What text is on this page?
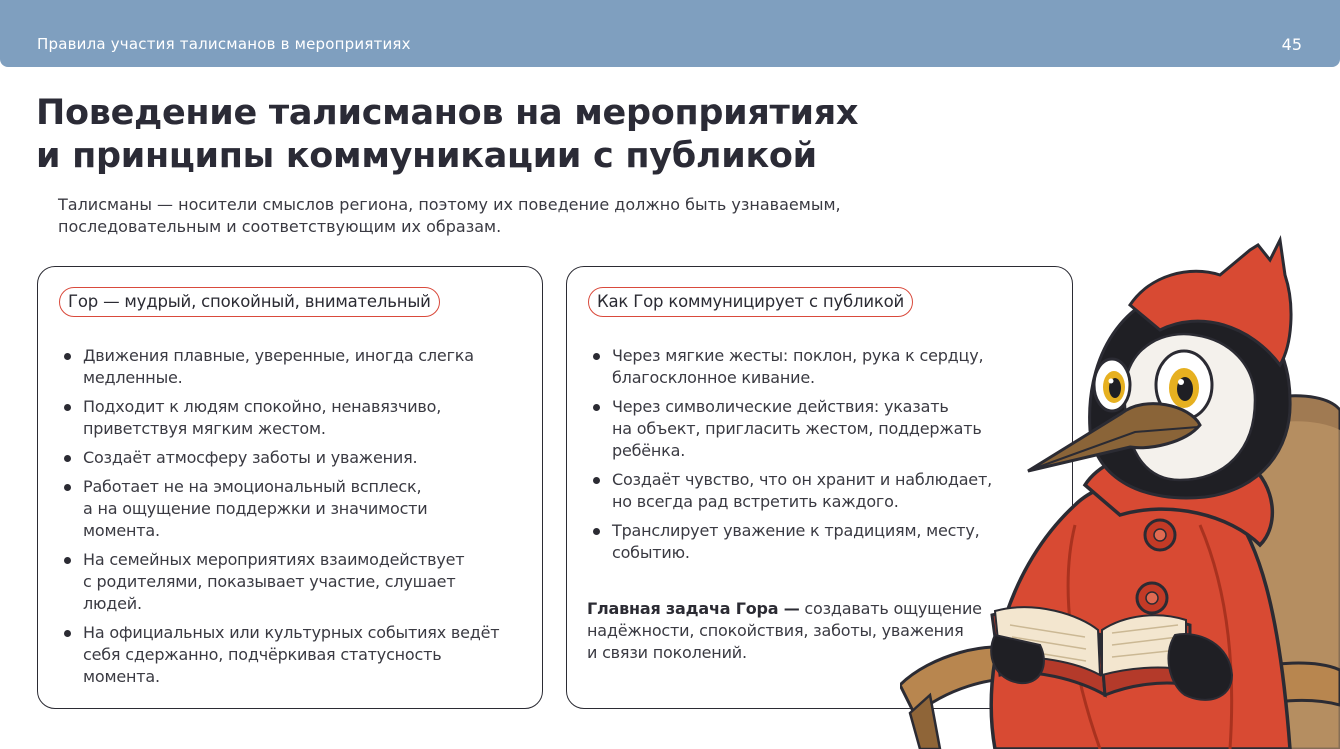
Правила участия талисманов в мероприятиях	45
Поведение талисманов на мероприятиях
и принципы коммуникации с публикой

Талисманы — носители смыслов региона, поэтому их поведение должно быть узнаваемым,
последовательным и соответствующим их образам.

Гор — мудрый, спокойный, внимательный
Движения плавные, уверенные, иногда слегка
медленные.
Подходит к людям спокойно, ненавязчиво,
приветствуя мягким жестом.
Создаёт атмосферу заботы и уважения.
Работает не на эмоциональный всплеск,
а на ощущение поддержки и значимости
момента.
На семейных мероприятиях взаимодействует
с родителями, показывает участие, слушает
людей.
На официальных или культурных событиях ведёт
себя сдержанно, подчёркивая статусность
момента.
Как Гор коммуницирует с публикой
Через мягкие жесты: поклон, рука к сердцу,
благосклонное кивание.
Через символические действия: указать
на объект, пригласить жестом, поддержать
ребёнка.
Создаёт чувство, что он хранит и наблюдает,
но всегда рад встретить каждого.
Транслирует уважение к традициям, месту,
событию.

Главная задача Гора — создавать ощущение
надёжности, спокойствия, заботы, уважения
и связи поколений.
